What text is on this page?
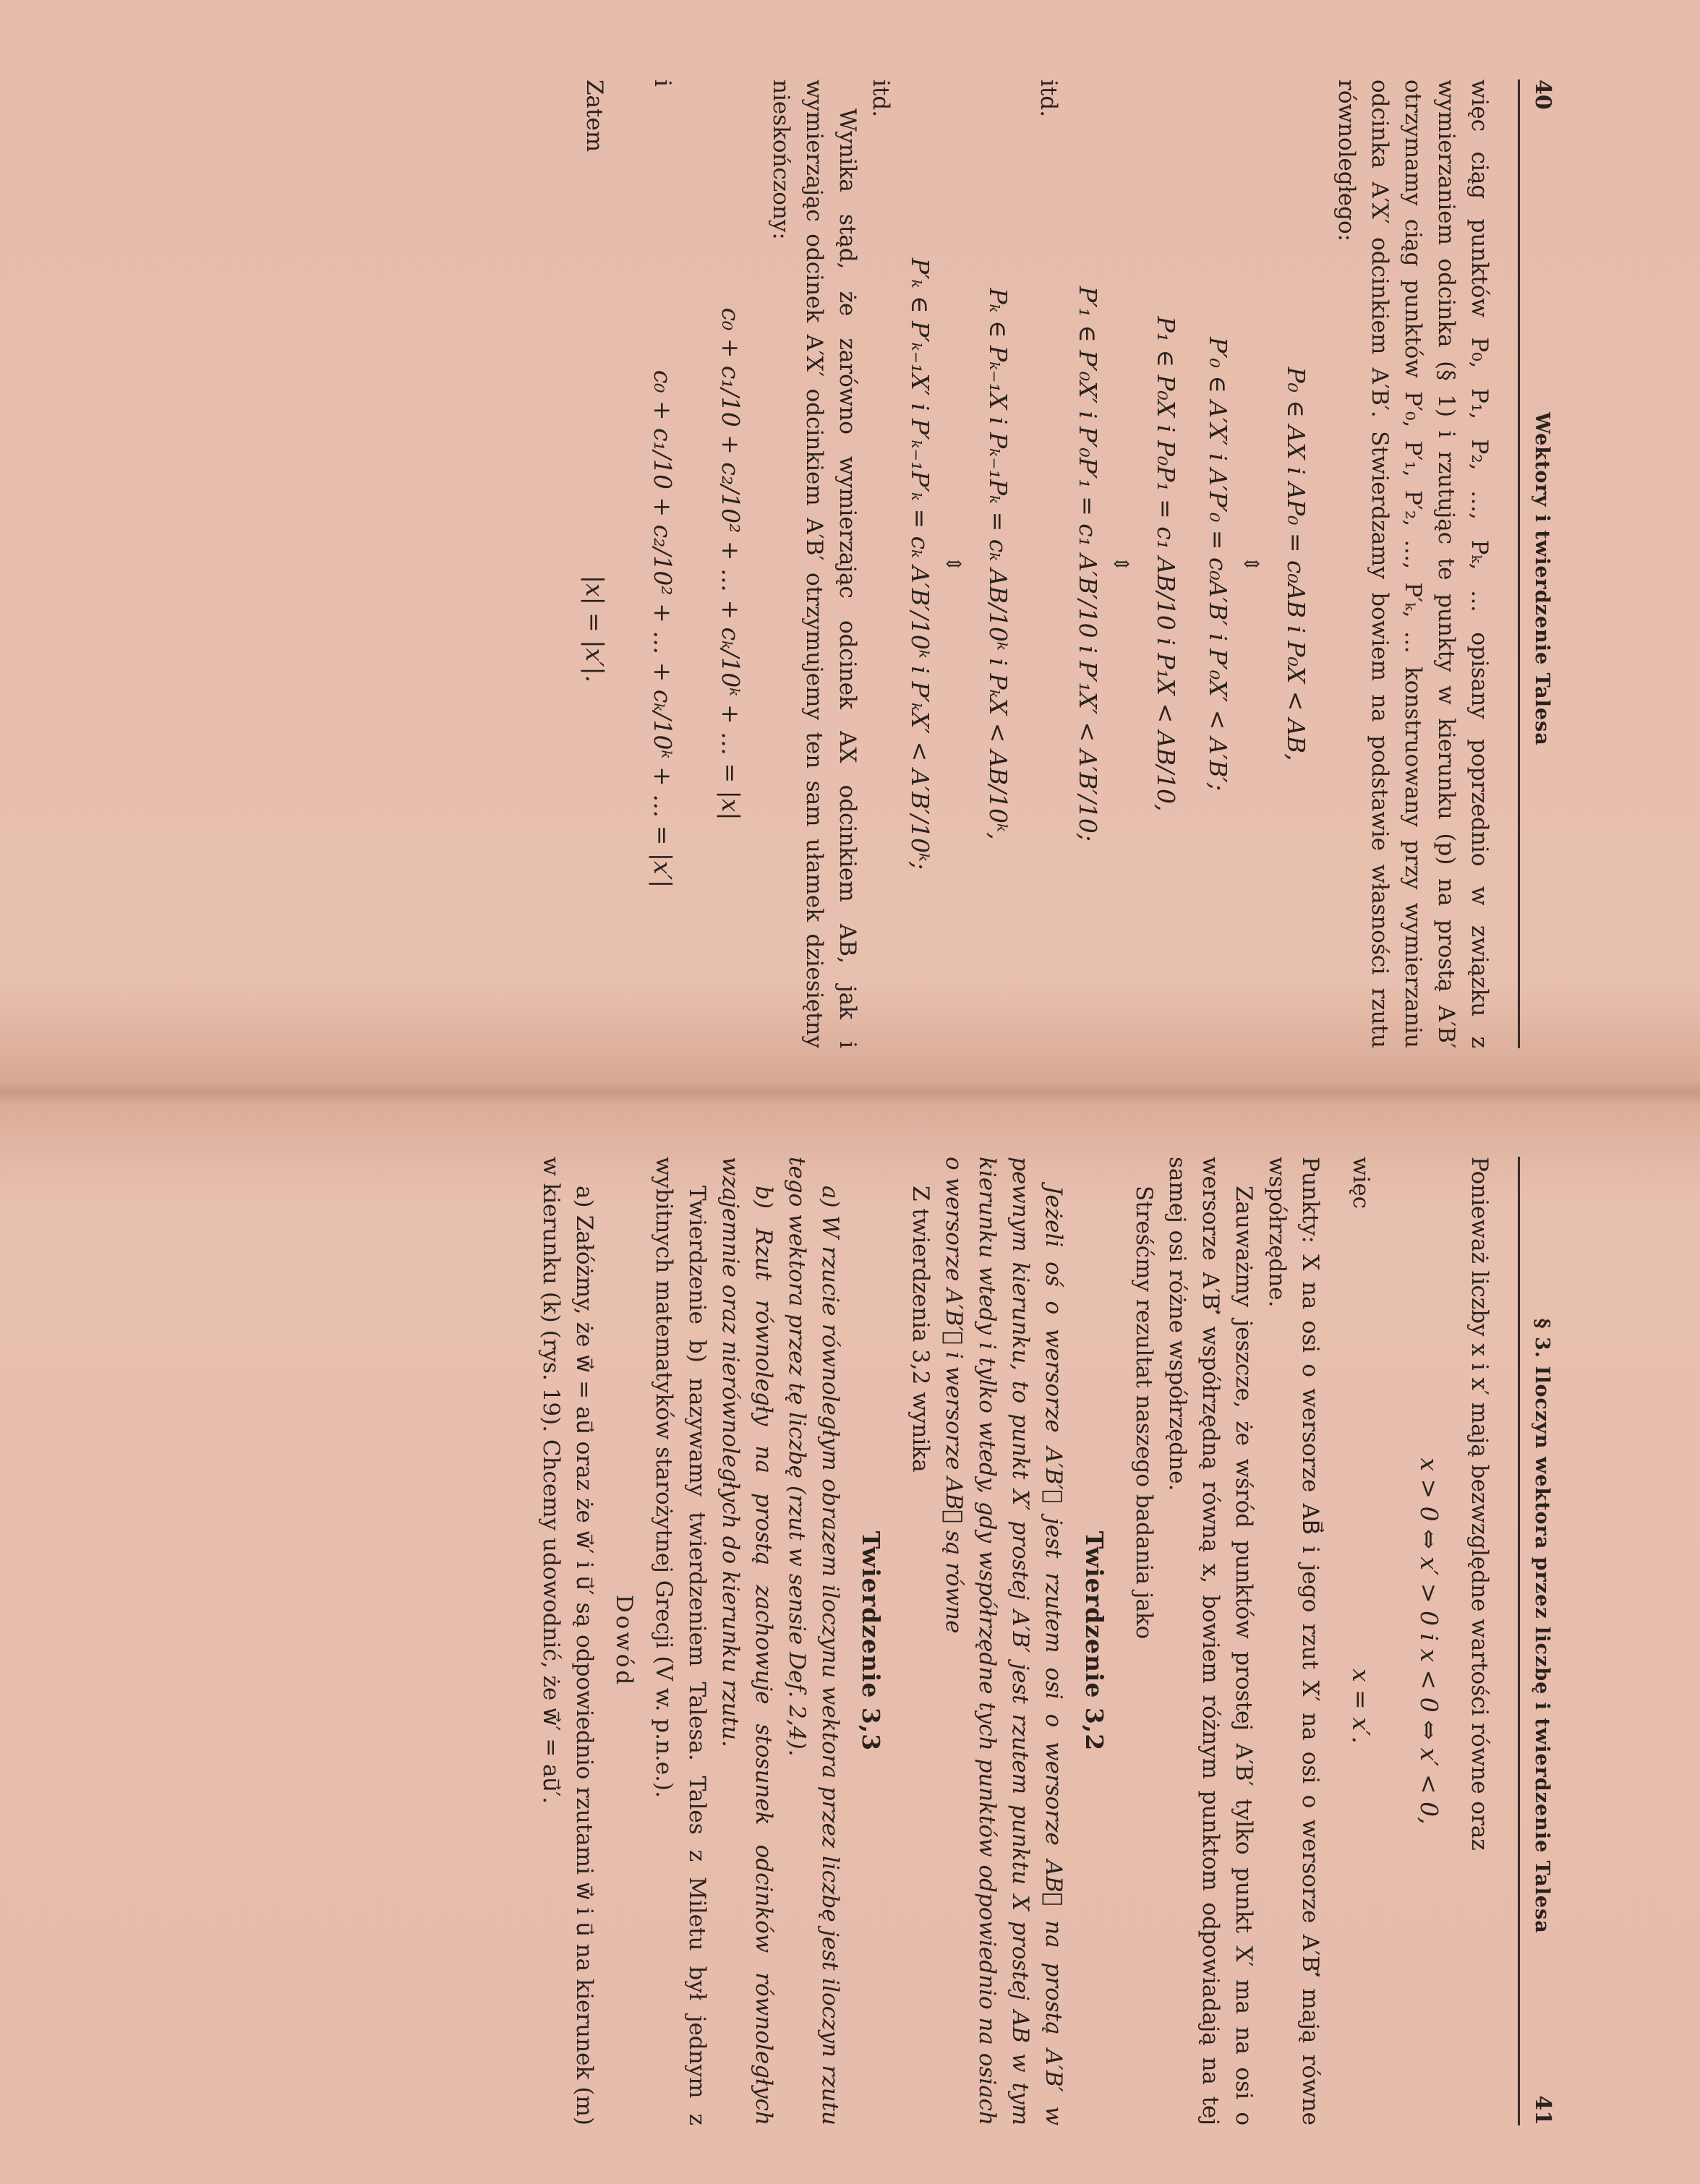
40
Wektory i twierdzenie Talesa

więc ciąg punktów P₀, P₁, P₂, …, Pₖ, … opisany poprzednio w związku z wymierzaniem odcinka (§ 1) i rzutując te punkty w kierunku (p) na prostą A′B′ otrzymamy ciąg punktów P′₀, P′₁, P′₂, …, P′ₖ, … konstruowany przy wymierzaniu odcinka A′X′ odcinkiem A′B′. Stwierdzamy bowiem na podstawie własności rzutu równoległego:

P₀ ∈ AX i AP₀ = c₀AB i P₀X < AB,
⇕
P′₀ ∈ A′X′ i A′P′₀ = c₀A′B′ i P′₀X′ < A′B′;
P₁ ∈ P₀X i P₀P₁ = c₁ AB/10 i P₁X < AB/10,
⇕
P′₁ ∈ P′₀X′ i P′₀P′₁ = c₁ A′B′/10 i P′₁X′ < A′B′/10;
itd.
Pₖ ∈ Pₖ₋₁X i Pₖ₋₁Pₖ = cₖ AB/10ᵏ i PₖX < AB/10ᵏ,
⇕
P′ₖ ∈ P′ₖ₋₁X′ i P′ₖ₋₁P′ₖ = cₖ A′B′/10ᵏ i P′ₖX′ < A′B′/10ᵏ;
itd.

Wynika stąd, że zarówno wymierzając odcinek AX odcinkiem AB, jak i wymierzając odcinek A′X′ odcinkiem A′B′ otrzymujemy ten sam ułamek dziesiętny nieskończony:

c₀ + c₁/10 + c₂/10² + … + cₖ/10ᵏ + … = |x|
i
c₀ + c₁/10 + c₂/10² + … + cₖ/10ᵏ + … = |x′|
Zatem
|x| = |x′|.
§ 3. Iloczyn wektora przez liczbę i twierdzenie Talesa
41

Ponieważ liczby x i x′ mają bezwzględne wartości równe oraz

x > 0 ⇔ x′ > 0 i x < 0 ⇔ x′ < 0,
więc
x = x′.

Punkty: X na osi o wersorze AB⃗ i jego rzut X′ na osi o wersorze A′B′⃗ mają równe współrzędne.

Zauważmy jeszcze, że wśród punktów prostej A′B′ tylko punkt X′ ma na osi o wersorze A′B′⃗ współrzędną równą x, bowiem różnym punktom odpowiadają na tej samej osi różne współrzędne.

Streśćmy rezultat naszego badania jako

Twierdzenie 3,2

Jeżeli oś o wersorze A′B′⃗ jest rzutem osi o wersorze AB⃗ na prostą A′B′ w pewnym kierunku, to punkt X′ prostej A′B′ jest rzutem punktu X prostej AB w tym kierunku wtedy i tylko wtedy, gdy współrzędne tych punktów odpowiednio na osiach o wersorze A′B′⃗ i wersorze AB⃗ są równe

Z twierdzenia 3,2 wynika

Twierdzenie 3,3

a) W rzucie równoległym obrazem iloczynu wektora przez liczbę jest iloczyn rzutu tego wektora przez tę liczbę (rzut w sensie Def. 2,4).

b) Rzut równoległy na prostą zachowuje stosunek odcinków równoległych wzajemnie oraz nierównoległych do kierunku rzutu.

Twierdzenie b) nazywamy twierdzeniem Talesa. Tales z Miletu był jednym z wybitnych matematyków starożytnej Grecji (V w. p.n.e.).

Dowód

a) Załóżmy, że w⃗ = au⃗ oraz że w⃗′ i u⃗′ są odpowiednio rzutami w⃗ i u⃗ na kierunek (m) w kierunku (k) (rys. 19). Chcemy udowodnić, że w⃗′ = au⃗′.
